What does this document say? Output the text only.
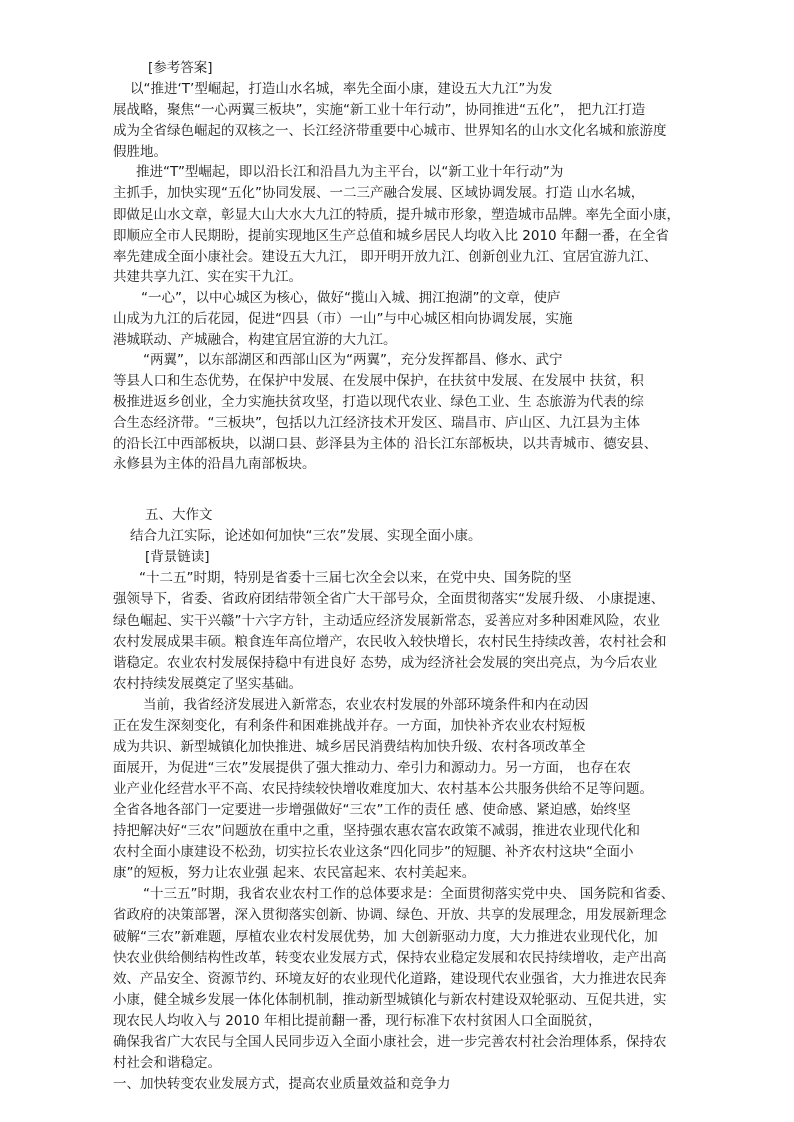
[参考答案]
以“推进‘T’型崛起，打造山水名城，率先全面小康，建设五大九江”为发
展战略，聚焦“一心两翼三板块”，实施“新工业十年行动”，协同推进“五化”， 把九江打造
成为全省绿色崛起的双核之一、长江经济带重要中心城市、世界知名的山水文化名城和旅游度
假胜地。
推进“T”型崛起，即以沿长江和沿昌九为主平台，以“新工业十年行动”为
主抓手，加快实现“五化”协同发展、一二三产融合发展、区域协调发展。打造 山水名城，
即做足山水文章，彰显大山大水大九江的特质，提升城市形象，塑造城市品牌。率先全面小康，
即顺应全市人民期盼，提前实现地区生产总值和城乡居民人均收入比 2010 年翻一番，在全省
率先建成全面小康社会。建设五大九江， 即开明开放九江、创新创业九江、宜居宜游九江、
共建共享九江、实在实干九江。
“一心”，以中心城区为核心，做好“揽山入城、拥江抱湖”的文章，使庐
山成为九江的后花园，促进“四县（市）一山”与中心城区相向协调发展，实施
港城联动、产城融合，构建宜居宜游的大九江。
“两翼”，以东部湖区和西部山区为“两翼”，充分发挥都昌、修水、武宁
等县人口和生态优势，在保护中发展、在发展中保护，在扶贫中发展、在发展中 扶贫，积
极推进返乡创业，全力实施扶贫攻坚，打造以现代农业、绿色工业、生 态旅游为代表的综
合生态经济带。“三板块”，包括以九江经济技术开发区、瑞昌市、庐山区、九江县为主体
的沿长江中西部板块，以湖口县、彭泽县为主体的 沿长江东部板块，以共青城市、德安县、
永修县为主体的沿昌九南部板块。
五、大作文
结合九江实际，论述如何加快“三农”发展、实现全面小康。
[背景链读]
“十二五”时期，特别是省委十三届七次全会以来，在党中央、国务院的坚
强领导下，省委、省政府团结带领全省广大干部号众，全面贯彻落实“发展升级、 小康提速、
绿色崛起、实干兴赣”十六字方针，主动适应经济发展新常态，妥善应对多种困难风险，农业
农村发展成果丰硕。粮食连年高位增产，农民收入较快增长，农村民生持续改善，农村社会和
谐稳定。农业农村发展保持稳中有进良好 态势，成为经济社会发展的突出亮点，为今后农业
农村持续发展奠定了坚实基础。
当前，我省经济发展进入新常态，农业农村发展的外部环境条件和内在动因
正在发生深刻变化，有利条件和困难挑战并存。一方面，加快补齐农业农村短板
成为共识、新型城镇化加快推进、城乡居民消费结构加快升级、农村各项改革全
面展开，为促进“三农”发展提供了强大推动力、牵引力和源动力。另一方面， 也存在农
业产业化经营水平不高、农民持续较快增收难度加大、农村基本公共服务供给不足等问题。
全省各地各部门一定要进一步增强做好“三农”工作的责任 感、使命感、紧迫感，始终坚
持把解决好“三农”问题放在重中之重，坚持强农惠农富农政策不减弱，推进农业现代化和
农村全面小康建设不松劲，切实拉长农业这条“四化同步”的短腿、补齐农村这块“全面小
康”的短板，努力让农业强 起来、农民富起来、农村美起来。
“十三五”时期，我省农业农村工作的总体要求是：全面贯彻落实党中央、 国务院和省委、
省政府的决策部署，深入贯彻落实创新、协调、绿色、开放、共享的发展理念，用发展新理念
破解“三农”新难题，厚植农业农村发展优势，加 大创新驱动力度，大力推进农业现代化，加
快农业供给侧结构性改革，转变农业发展方式，保持农业稳定发展和农民持续增收，走产出高
效、产品安全、资源节约、环境友好的农业现代化道路，建设现代农业强省，大力推进农民奔
小康，健全城乡发展一体化体制机制，推动新型城镇化与新农村建设双轮驱动、互促共进，实
现农民人均收入与 2010 年相比提前翻一番，现行标准下农村贫困人口全面脱贫，
确保我省广大农民与全国人民同步迈入全面小康社会，进一步完善农村社会治理体系，保持农
村社会和谐稳定。
一、加快转变农业发展方式，提高农业质量效益和竞争力
